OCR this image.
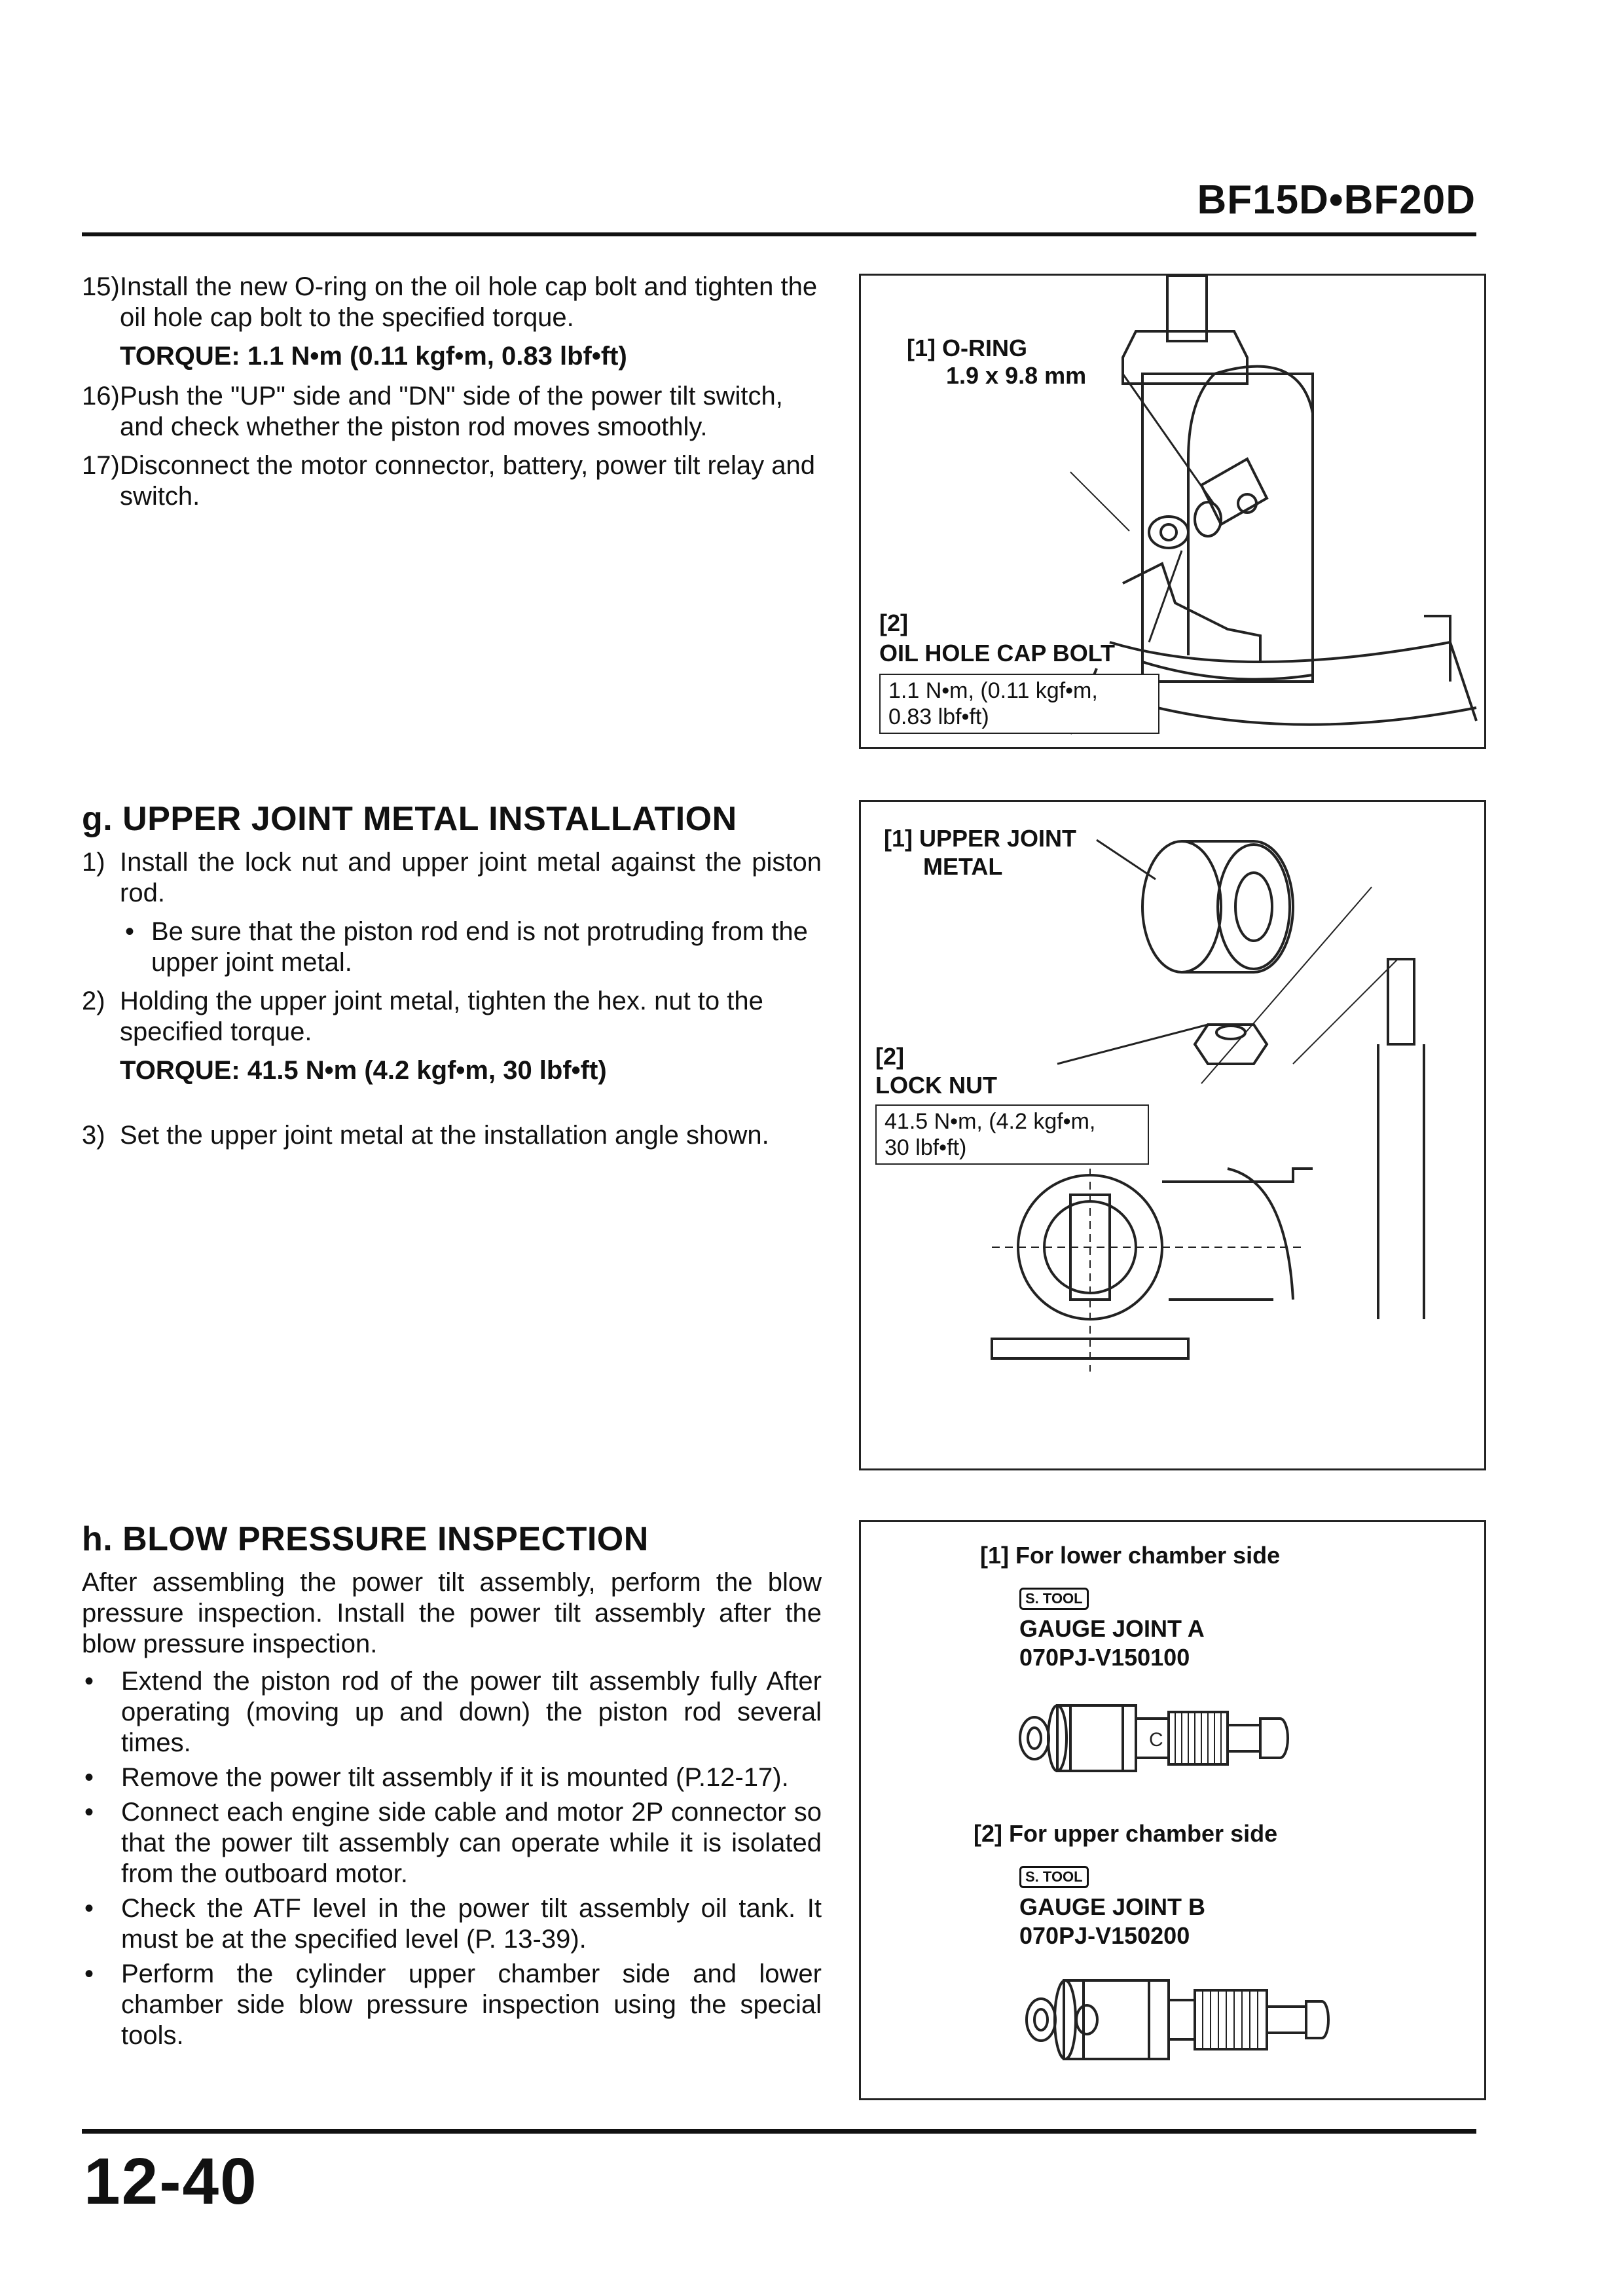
BF15D•BF20D
15) Install the new O-ring on the oil hole cap bolt and tighten the oil hole cap bolt to the specified torque.
TORQUE: 1.1 N•m (0.11 kgf•m, 0.83 lbf•ft)
16) Push the "UP" side and "DN" side of the power tilt switch, and check whether the piston rod moves smoothly.
17) Disconnect the motor connector, battery, power tilt relay and switch.
[1] O-RING
1.9 x 9.8 mm
[2]
OIL HOLE CAP BOLT
1.1 N•m, (0.11 kgf•m,
0.83 lbf•ft)
g. UPPER JOINT METAL INSTALLATION
1) Install the lock nut and upper joint metal against the piston rod.
• Be sure that the piston rod end is not protruding from the upper joint metal.
2) Holding the upper joint metal, tighten the hex. nut to the specified torque.
TORQUE: 41.5 N•m (4.2 kgf•m, 30 lbf•ft)
3) Set the upper joint metal at the installation angle shown.
[1] UPPER JOINT
METAL
[2]
LOCK NUT
41.5 N•m, (4.2 kgf•m,
30 lbf•ft)
h. BLOW PRESSURE INSPECTION
After assembling the power tilt assembly, perform the blow pressure inspection. Install the power tilt assembly after the blow pressure inspection.
• Extend the piston rod of the power tilt assembly fully After operating (moving up and down) the piston rod several times.
• Remove the power tilt assembly if it is mounted (P.12-17).
• Connect each engine side cable and motor 2P connector so that the power tilt assembly can operate while it is isolated from the outboard motor.
• Check the ATF level in the power tilt assembly oil tank. It must be at the specified level (P. 13-39).
• Perform the cylinder upper chamber side and lower chamber side blow pressure inspection using the special tools.
[1] For lower chamber side
S. TOOL
GAUGE JOINT A
070PJ-V150100
C
[2] For upper chamber side
S. TOOL
GAUGE JOINT B
070PJ-V150200
12-40
